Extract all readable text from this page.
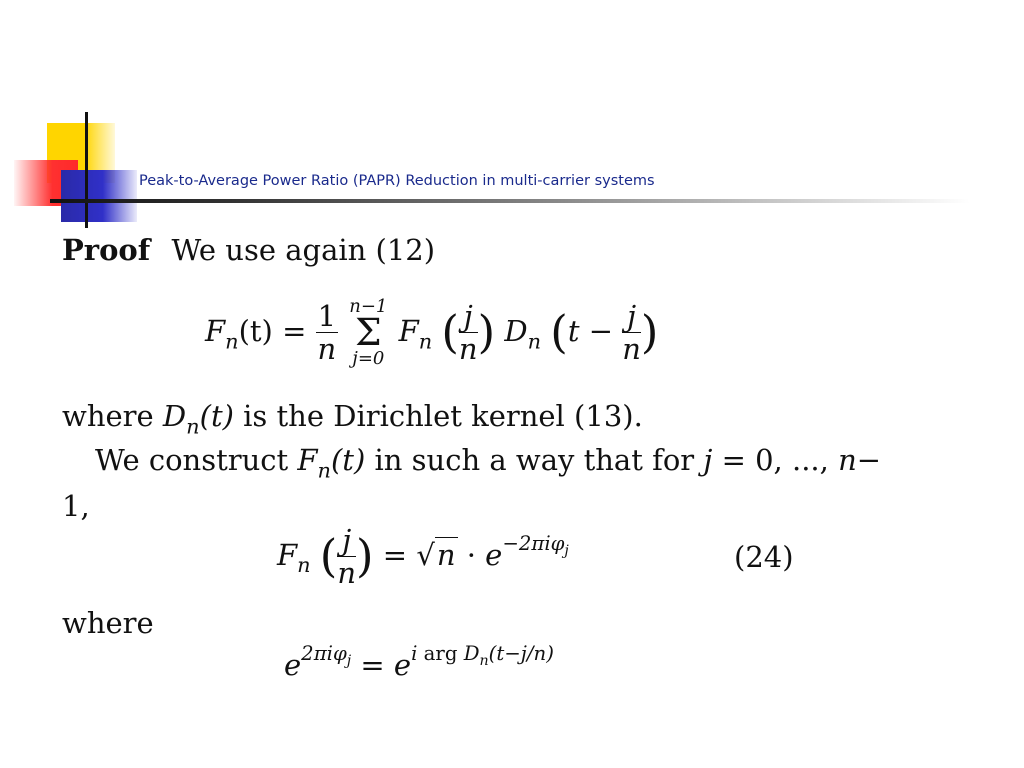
Peak-to-Average Power Ratio (PAPR) Reduction in multi-carrier systems
Proof We use again (12)
$F_n(t) = \frac{1}{n}$
n−1
Σ
j=0
$F_n$ ( $\frac{j}{n}$ ) $D_n$ ($t - \frac{j}{n}$ )
where $D_n(t)$ is the Dirichlet kernel (13).
We construct $F_n(t)$ in such a way that for j = 0, ..., n−
1,
$F_n$ ( $\frac{j}{n}$ ) = $√n \cdot e^{-2\pi i\varphi_j}$	(24)
where
$e^{2\pi i\varphi_j} = e^{i arg D_n(t-j/n)}$
